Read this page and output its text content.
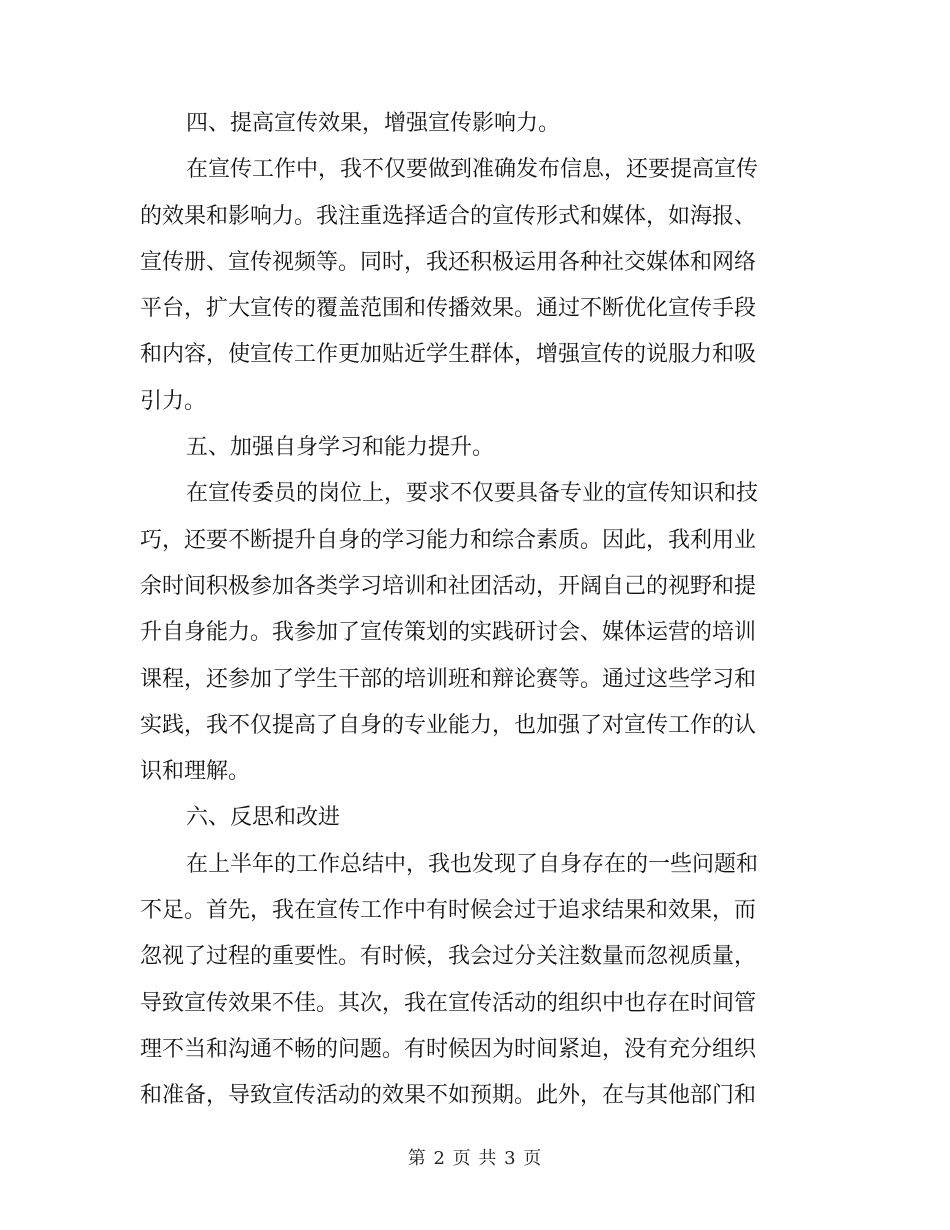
四、提高宣传效果，增强宣传影响力。
在宣传工作中，我不仅要做到准确发布信息，还要提高宣传
的效果和影响力。我注重选择适合的宣传形式和媒体，如海报、
宣传册、宣传视频等。同时，我还积极运用各种社交媒体和网络
平台，扩大宣传的覆盖范围和传播效果。通过不断优化宣传手段
和内容，使宣传工作更加贴近学生群体，增强宣传的说服力和吸
引力。
五、加强自身学习和能力提升。
在宣传委员的岗位上，要求不仅要具备专业的宣传知识和技
巧，还要不断提升自身的学习能力和综合素质。因此，我利用业
余时间积极参加各类学习培训和社团活动，开阔自己的视野和提
升自身能力。我参加了宣传策划的实践研讨会、媒体运营的培训
课程，还参加了学生干部的培训班和辩论赛等。通过这些学习和
实践，我不仅提高了自身的专业能力，也加强了对宣传工作的认
识和理解。
六、反思和改进
在上半年的工作总结中，我也发现了自身存在的一些问题和
不足。首先，我在宣传工作中有时候会过于追求结果和效果，而
忽视了过程的重要性。有时候，我会过分关注数量而忽视质量，
导致宣传效果不佳。其次，我在宣传活动的组织中也存在时间管
理不当和沟通不畅的问题。有时候因为时间紧迫，没有充分组织
和准备，导致宣传活动的效果不如预期。此外，在与其他部门和
第 2 页 共 3 页
